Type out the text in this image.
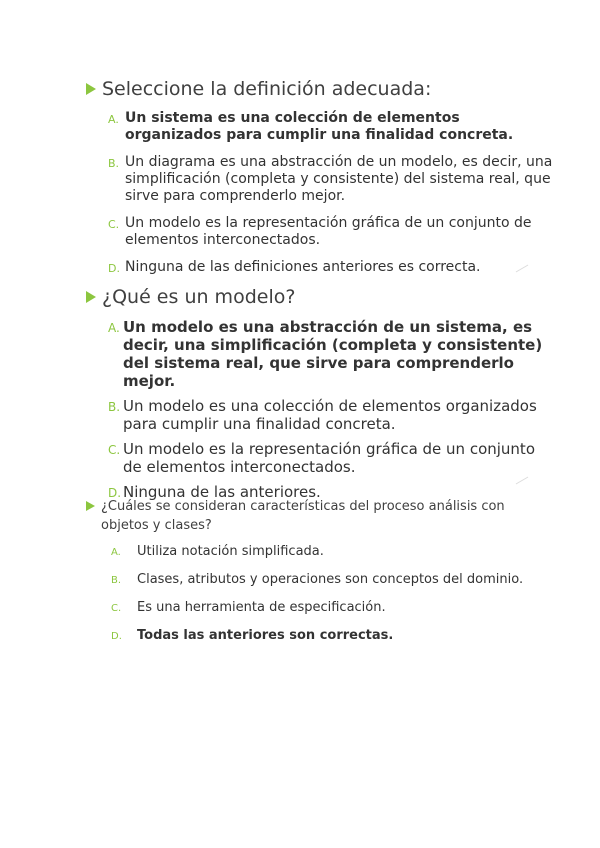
Seleccione la definición adecuada:
A. Un sistema es una colección de elementos organizados para cumplir una finalidad concreta.
B. Un diagrama es una abstracción de un modelo, es decir, una simplificación (completa y consistente) del sistema real, que sirve para comprenderlo mejor.
C. Un modelo es la representación gráfica de un conjunto de elementos interconectados.
D. Ninguna de las definiciones anteriores es correcta.
¿Qué es un modelo?
A. Un modelo es una abstracción de un sistema, es decir, una simplificación (completa y consistente) del sistema real, que sirve para comprenderlo mejor.
B. Un modelo es una colección de elementos organizados para cumplir una finalidad concreta.
C. Un modelo es la representación gráfica de un conjunto de elementos interconectados.
D. Ninguna de las anteriores.
¿Cuáles se consideran características del proceso análisis con objetos y clases?
A.	Utiliza notación simplificada.
B.	Clases, atributos y operaciones son conceptos del dominio.
C.	Es una herramienta de especificación.
D.	Todas las anteriores son correctas.
